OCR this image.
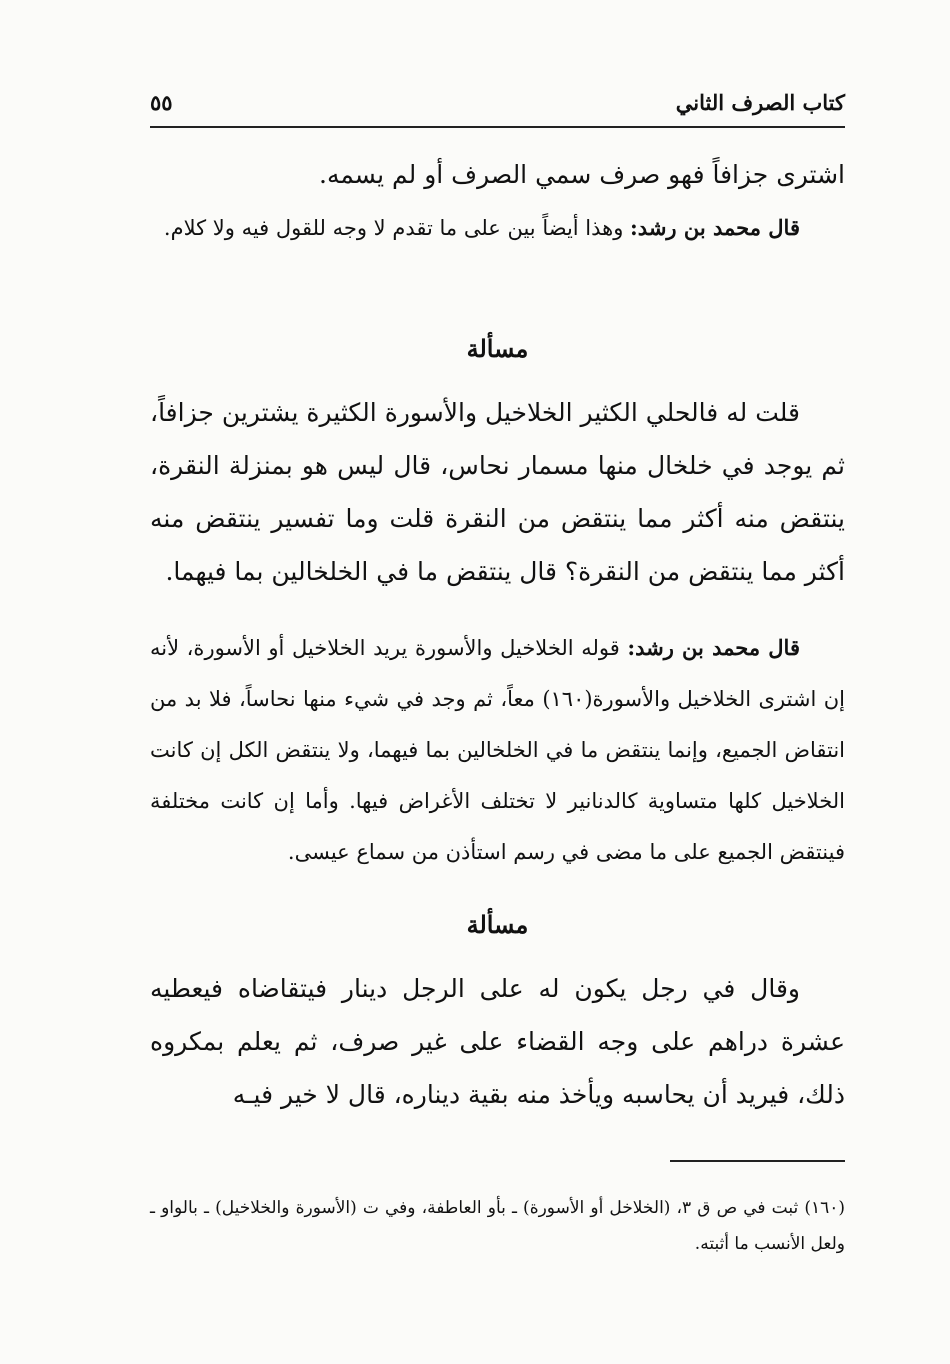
كتاب الصرف الثاني
٥٥

اشترى جزافاً فهو صرف سمي الصرف أو لم يسمه.

قال محمد بن رشد: وهذا أيضاً بين على ما تقدم لا وجه للقول فيه ولا كلام.

مسألة

قلت له فالحلي الكثير الخلاخيل والأسورة الكثيرة يشترين جزافاً، ثم يوجد في خلخال منها مسمار نحاس، قال ليس هو بمنزلة النقرة، ينتقض منه أكثر مما ينتقض من النقرة قلت وما تفسير ينتقض منه أكثر مما ينتقض من النقرة؟ قال ينتقض ما في الخلخالين بما فيهما.

قال محمد بن رشد: قوله الخلاخيل والأسورة يريد الخلاخيل أو الأسورة، لأنه إن اشترى الخلاخيل والأسورة(١٦٠) معاً، ثم وجد في شيء منها نحاساً، فلا بد من انتقاض الجميع، وإنما ينتقض ما في الخلخالين بما فيهما، ولا ينتقض الكل إن كانت الخلاخيل كلها متساوية كالدنانير لا تختلف الأغراض فيها. وأما إن كانت مختلفة فينتقض الجميع على ما مضى في رسم استأذن من سماع عيسى.

مسألة

وقال في رجل يكون له على الرجل دينار فيتقاضاه فيعطيه عشرة دراهم على وجه القضاء على غير صرف، ثم يعلم بمكروه ذلك، فيريد أن يحاسبه ويأخذ منه بقية ديناره، قال لا خير فيـه

(١٦٠) ثبت في ص ق ٣، (الخلاخل أو الأسورة) ـ بأو العاطفة، وفي ت (الأسورة والخلاخيل) ـ بالواو ـ ولعل الأنسب ما أثبته.
